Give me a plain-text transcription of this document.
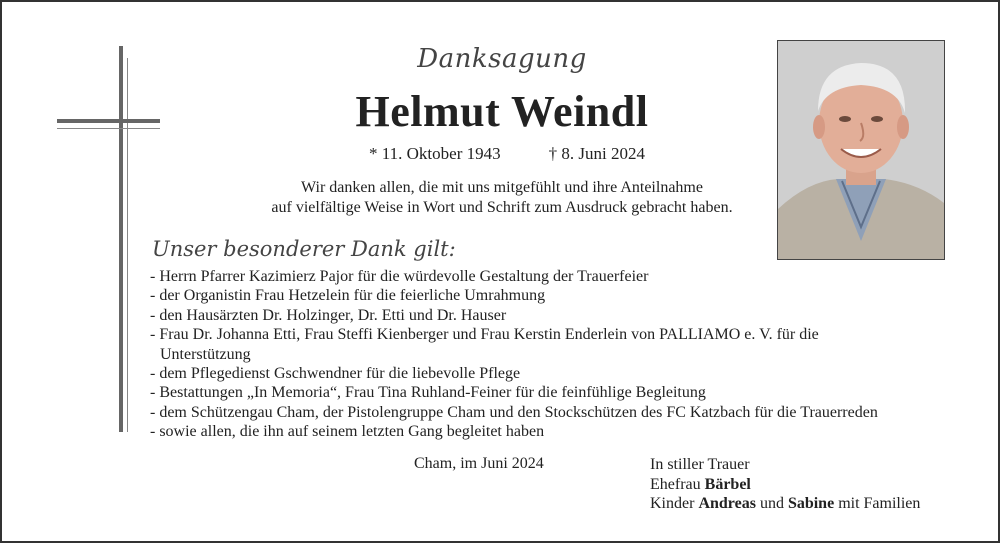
Danksagung
Helmut Weindl
* 11. Oktober 1943	† 8. Juni 2024
Wir danken allen, die mit uns mitgefühlt und ihre Anteilnahme
auf vielfältige Weise in Wort und Schrift zum Ausdruck gebracht haben.
Unser besonderer Dank gilt:
- Herrn Pfarrer Kazimierz Pajor für die würdevolle Gestaltung der Trauerfeier
- der Organistin Frau Hetzelein für die feierliche Umrahmung
- den Hausärzten Dr. Holzinger, Dr. Etti und Dr. Hauser
- Frau Dr. Johanna Etti, Frau Steffi Kienberger und Frau Kerstin Enderlein von PALLIAMO e. V. für die
Unterstützung
- dem Pflegedienst Gschwendner für die liebevolle Pflege
- Bestattungen „In Memoria“, Frau Tina Ruhland-Feiner für die feinfühlige Begleitung
- dem Schützengau Cham, der Pistolengruppe Cham und den Stockschützen des FC Katzbach für die Trauerreden
- sowie allen, die ihn auf seinem letzten Gang begleitet haben
Cham, im Juni 2024	In stiller Trauer
Ehefrau Bärbel
Kinder Andreas und Sabine mit Familien
